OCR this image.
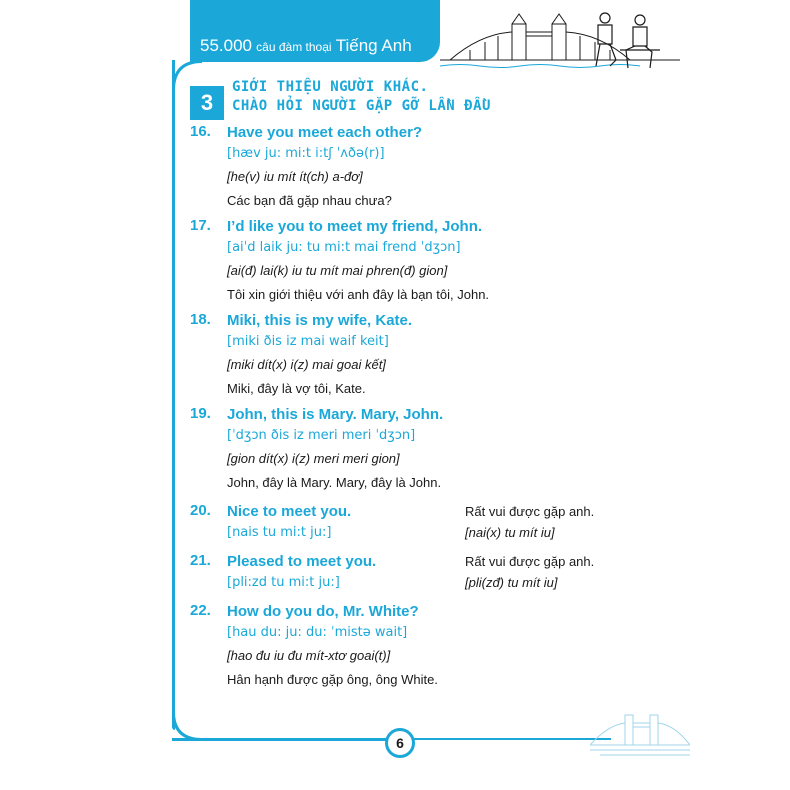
55.000 câu đàm thoại Tiếng Anh
3
GIỚI THIỆU NGƯỜI KHÁC.
CHÀO HỎI NGƯỜI GẶP GỠ LẦN ĐẦU
16. Have you meet each other?
[hæv ju: mi:t i:tʃ ˈʌðə(r)]
[he(v) iu mít ít(ch) a-đơ]
Các bạn đã gặp nhau chưa?
17. I’d like you to meet my friend, John.
[aiˈd laik ju: tu mi:t mai frend ˈdʒɔn]
[ai(đ) lai(k) iu tu mít mai phren(đ) gion]
Tôi xin giới thiệu với anh đây là bạn tôi, John.
18. Miki, this is my wife, Kate.
[miki ðis iz mai waif keit]
[miki dít(x) i(z) mai goai kết]
Miki, đây là vợ tôi, Kate.
19. John, this is Mary. Mary, John.
[ˈdʒɔn ðis iz meri meri ˈdʒɔn]
[gion dít(x) i(z) meri meri gion]
John, đây là Mary. Mary, đây là John.
20. Nice to meet you.
[nais tu mi:t ju:]
Rất vui được gặp anh.
[nai(x) tu mít iu]
21. Pleased to meet you.
[pli:zd tu mi:t ju:]
Rất vui được gặp anh.
[pli(zđ) tu mít iu]
22. How do you do, Mr. White?
[hau du: ju: du: ˈmistə wait]
[hao đu iu đu mít-xtơ goai(t)]
Hân hạnh được gặp ông, ông White.
6
